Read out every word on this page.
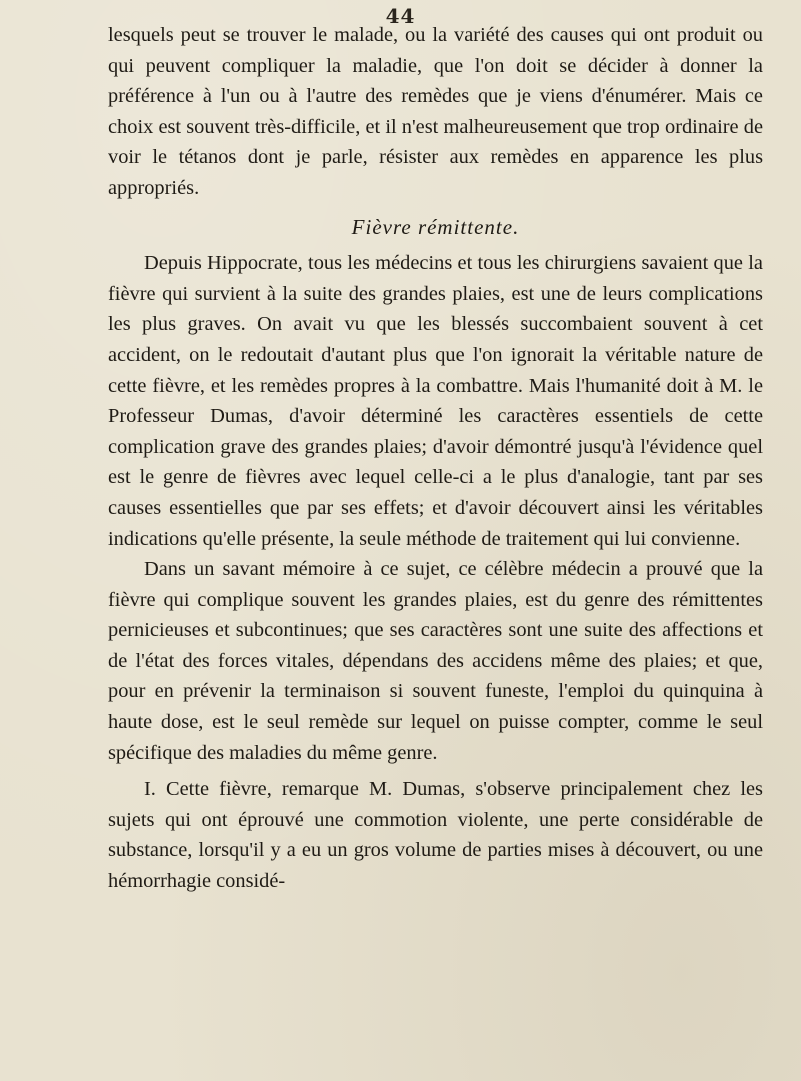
44

lesquels peut se trouver le malade, ou la variété des causes qui ont produit ou qui peuvent compliquer la maladie, que l'on doit se décider à donner la préférence à l'un ou à l'autre des remèdes que je viens d'énumérer. Mais ce choix est souvent très-difficile, et il n'est malheureusement que trop ordinaire de voir le tétanos dont je parle, résister aux remèdes en apparence les plus appropriés.

Fièvre rémittente.

Depuis Hippocrate, tous les médecins et tous les chirurgiens savaient que la fièvre qui survient à la suite des grandes plaies, est une de leurs complications les plus graves. On avait vu que les blessés succombaient souvent à cet accident, on le redoutait d'autant plus que l'on ignorait la véritable nature de cette fièvre, et les remèdes propres à la combattre. Mais l'humanité doit à M. le Professeur Dumas, d'avoir déterminé les caractères essentiels de cette complication grave des grandes plaies; d'avoir démontré jusqu'à l'évidence quel est le genre de fièvres avec lequel celle-ci a le plus d'analogie, tant par ses causes essentielles que par ses effets; et d'avoir découvert ainsi les véritables indications qu'elle présente, la seule méthode de traitement qui lui convienne.

Dans un savant mémoire à ce sujet, ce célèbre médecin a prouvé que la fièvre qui complique souvent les grandes plaies, est du genre des rémittentes pernicieuses et subcontinues; que ses caractères sont une suite des affections et de l'état des forces vitales, dépendans des accidens même des plaies; et que, pour en prévenir la terminaison si souvent funeste, l'emploi du quinquina à haute dose, est le seul remède sur lequel on puisse compter, comme le seul spécifique des maladies du même genre.

I. Cette fièvre, remarque M. Dumas, s'observe principalement chez les sujets qui ont éprouvé une commotion violente, une perte considérable de substance, lorsqu'il y a eu un gros volume de parties mises à découvert, ou une hémorrhagie considé-
